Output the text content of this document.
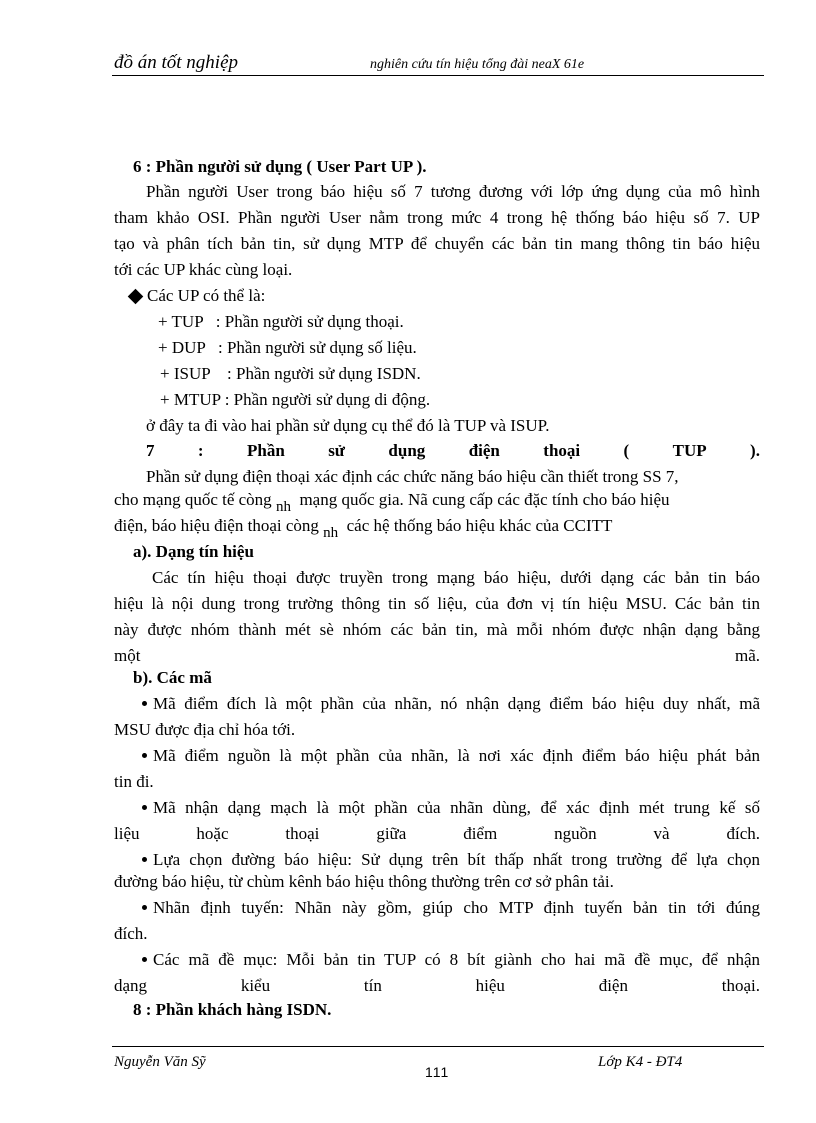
đồ án tốt nghiệp	nghiên cứu tín hiệu tổng đài neaX 61e
6 : Phần người sử dụng ( User Part UP ).
Phần người User trong báo hiệu số 7 tương đương với lớp ứng dụng của mô hình
tham khảo OSI. Phần người User nằm trong mức 4 trong hệ thống báo hiệu số 7. UP
tạo và phân tích bản tin, sử dụng MTP để chuyển các bản tin mang thông tin báo hiệu
tới các UP khác cùng loại.
Các UP có thể là:
+ TUP   : Phần người sử dụng thoại.
+ DUP   : Phần người sử dụng số liệu.
+ ISUP    : Phần người sử dụng ISDN.
+ MTUP : Phần người sử dụng di động.
ở đây ta đi vào hai phần sử dụng cụ thể đó là TUP và ISUP.
7	:	Phần	sử	dụng	điện	thoại	(	TUP	).
Phần sử dụng điện thoại xác định các chức năng báo hiệu cần thiết trong SS 7,
cho mạng quốc tế còng nh mạng quốc gia. Nã cung cấp các đặc tính cho báo hiệu
điện, báo hiệu điện thoại còng nh các hệ thống báo hiệu khác của CCITT
a). Dạng tín hiệu
Các tín hiệu thoại được truyền trong mạng báo hiệu, dưới dạng các bản tin báo
hiệu là nội dung trong trường thông tin số liệu, của đơn vị tín hiệu MSU. Các bản tin
này được nhóm thành mét sè nhóm các bản tin, mà mỗi nhóm được nhận dạng bằng
một	mã.
b). Các mã
Mã điểm đích là một phần của nhãn, nó nhận dạng điểm báo hiệu duy nhất, mã
MSU được địa chỉ hóa tới.
Mã điểm nguồn là một phần của nhãn, là nơi xác định điểm báo hiệu phát bản
tin đi.
Mã nhận dạng mạch là một phần của nhãn dùng, để xác định mét trung kế số
liệu	hoặc	thoại	giữa	điểm	nguồn	và	đích.
Lựa chọn đường báo hiệu: Sử dụng trên bít thấp nhất trong trường để lựa chọn
đường báo hiệu, từ chùm kênh báo hiệu thông thường trên cơ sở phân tải.
Nhãn định tuyến: Nhãn này gồm, giúp cho MTP định tuyến bản tin tới đúng
đích.
Các mã đề mục: Mỗi bản tin TUP có 8 bít giành cho hai mã đề mục, để nhận
dạng	kiểu	tín	hiệu	điện	thoại.
8 : Phần khách hàng ISDN.
Nguyễn Văn Sỹ
111
Lớp K4 - ĐT4
